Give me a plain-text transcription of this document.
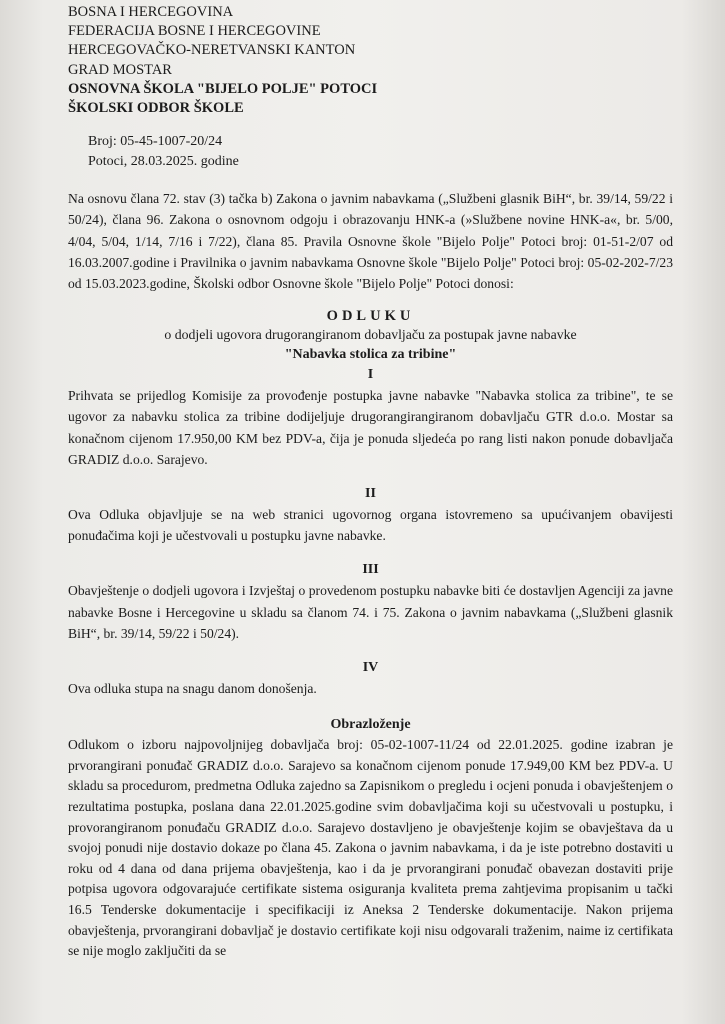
BOSNA I HERCEGOVINA
FEDERACIJA BOSNE I HERCEGOVINE
HERCEGOVAČKO-NERETVANSKI KANTON
GRAD MOSTAR
OSNOVNA ŠKOLA "BIJELO POLJE" POTOCI
ŠKOLSKI ODBOR ŠKOLE
Broj: 05-45-1007-20/24
Potoci, 28.03.2025. godine
Na osnovu člana 72. stav (3) tačka b) Zakona o javnim nabavkama („Službeni glasnik BiH“, br. 39/14, 59/22 i 50/24), člana 96. Zakona o osnovnom odgoju i obrazovanju HNK-a (»Službene novine HNK-a«, br. 5/00, 4/04, 5/04, 1/14, 7/16 i 7/22), člana 85. Pravila Osnovne škole "Bijelo Polje" Potoci broj: 01-51-2/07 od 16.03.2007.godine i Pravilnika o javnim nabavkama Osnovne škole "Bijelo Polje" Potoci broj: 05-02-202-7/23 od 15.03.2023.godine, Školski odbor Osnovne škole "Bijelo Polje" Potoci donosi:
ODLUKU
o dodjeli ugovora drugorangiranom dobavljaču za postupak javne nabavke
"Nabavka stolica za tribine"
I
Prihvata se prijedlog Komisije za provođenje postupka javne nabavke "Nabavka stolica za tribine", te se ugovor za nabavku stolica za tribine dodijeljuje drugorangirangiranom dobavljaču GTR d.o.o. Mostar sa konačnom cijenom 17.950,00 KM bez PDV-a, čija je ponuda sljedeća po rang listi nakon ponude dobavljača GRADIZ d.o.o. Sarajevo.
II
Ova Odluka objavljuje se na web stranici ugovornog organa istovremeno sa upućivanjem obavijesti ponuđačima koji je učestvovali u postupku javne nabavke.
III
Obavještenje o dodjeli ugovora i Izvještaj o provedenom postupku nabavke biti će dostavljen Agenciji za javne nabavke Bosne i Hercegovine u skladu sa članom 74. i 75. Zakona o javnim nabavkama („Službeni glasnik BiH“, br. 39/14, 59/22 i 50/24).
IV
Ova odluka stupa na snagu danom donošenja.
Obrazloženje
Odlukom o izboru najpovoljnijeg dobavljača broj: 05-02-1007-11/24 od 22.01.2025. godine izabran je prvorangirani ponuđač GRADIZ d.o.o. Sarajevo sa konačnom cijenom ponude 17.949,00 KM bez PDV-a. U skladu sa procedurom, predmetna Odluka zajedno sa Zapisnikom o pregledu i ocjeni ponuda i obavještenjem o rezultatima postupka, poslana dana 22.01.2025.godine svim dobavljačima koji su učestvovali u postupku, i provorangiranom ponuđaču GRADIZ d.o.o. Sarajevo dostavljeno je obavještenje kojim se obavještava da u svojoj ponudi nije dostavio dokaze po člana 45. Zakona o javnim nabavkama, i da je iste potrebno dostaviti u roku od 4 dana od dana prijema obavještenja, kao i da je prvorangirani ponuđač obavezan dostaviti prije potpisa ugovora odgovarajuće certifikate sistema osiguranja kvaliteta prema zahtjevima propisanim u tački 16.5 Tenderske dokumentacije i specifikaciji iz Aneksa 2 Tenderske dokumentacije. Nakon prijema obavještenja, prvorangirani dobavljač je dostavio certifikate koji nisu odgovarali traženim, naime iz certifikata se nije moglo zaključiti da se
